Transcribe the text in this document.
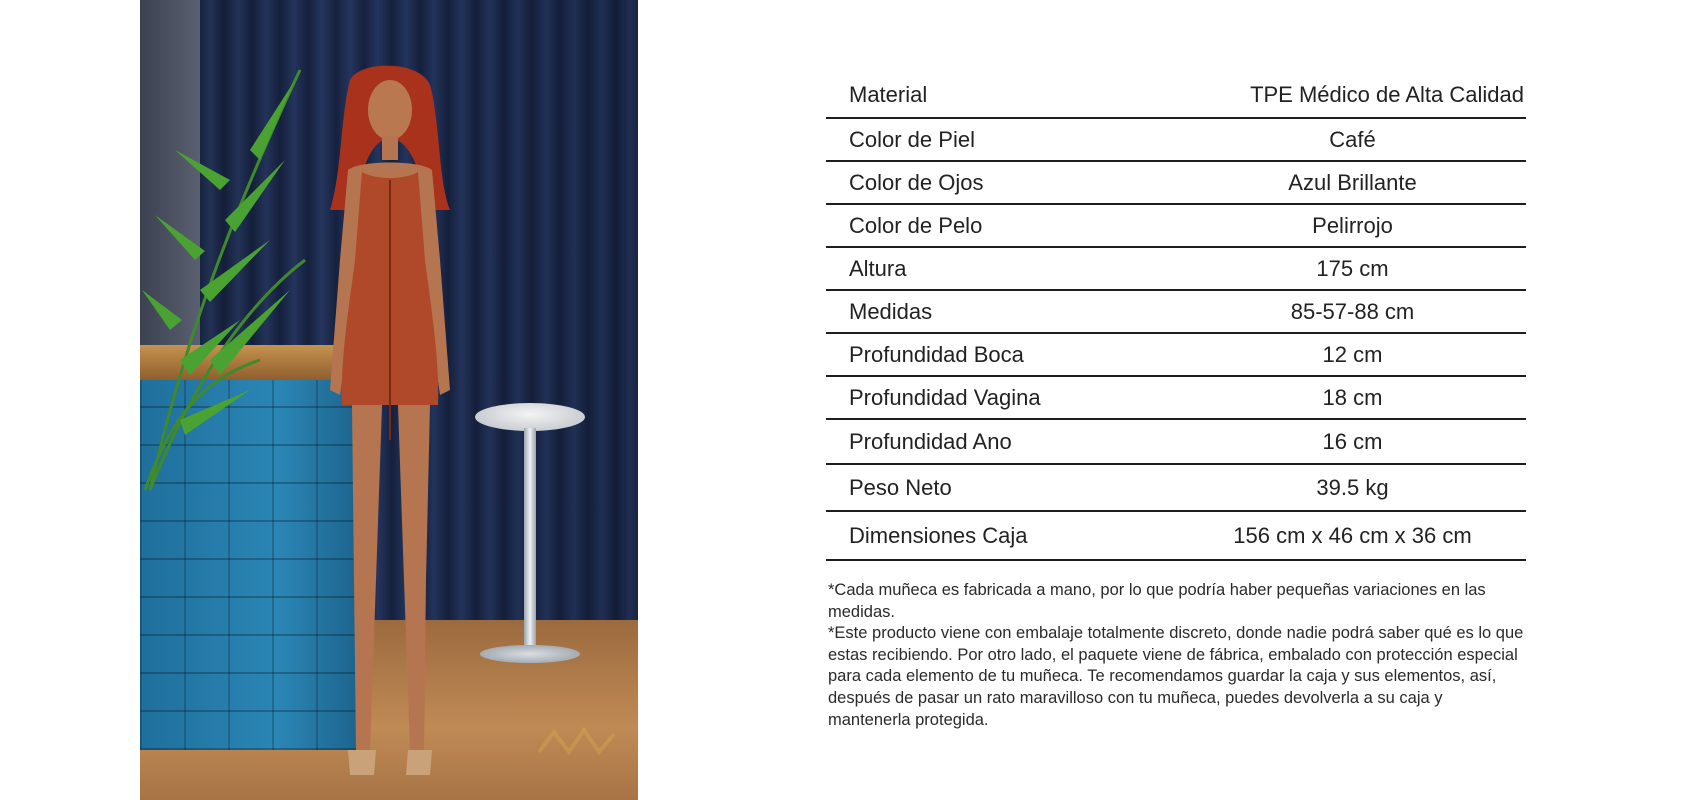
Material	TPE Médico de Alta Calidad
Color de Piel	Café
Color de Ojos	Azul Brillante
Color de Pelo	Pelirrojo
Altura	175 cm
Medidas	85-57-88 cm
Profundidad Boca	12 cm
Profundidad Vagina	18 cm
Profundidad Ano	16 cm
Peso Neto	39.5 kg
Dimensiones Caja	156 cm x 46 cm x 36 cm

*Cada muñeca es fabricada a mano, por lo que podría haber pequeñas variaciones en las medidas.

*Este producto viene con embalaje totalmente discreto, donde nadie podrá saber qué es lo que estas recibiendo. Por otro lado, el paquete viene de fábrica, embalado con protección especial para cada elemento de tu muñeca. Te recomendamos guardar la caja y sus elementos, así, después de pasar un rato maravilloso con tu muñeca, puedes devolverla a su caja y mantenerla protegida.
